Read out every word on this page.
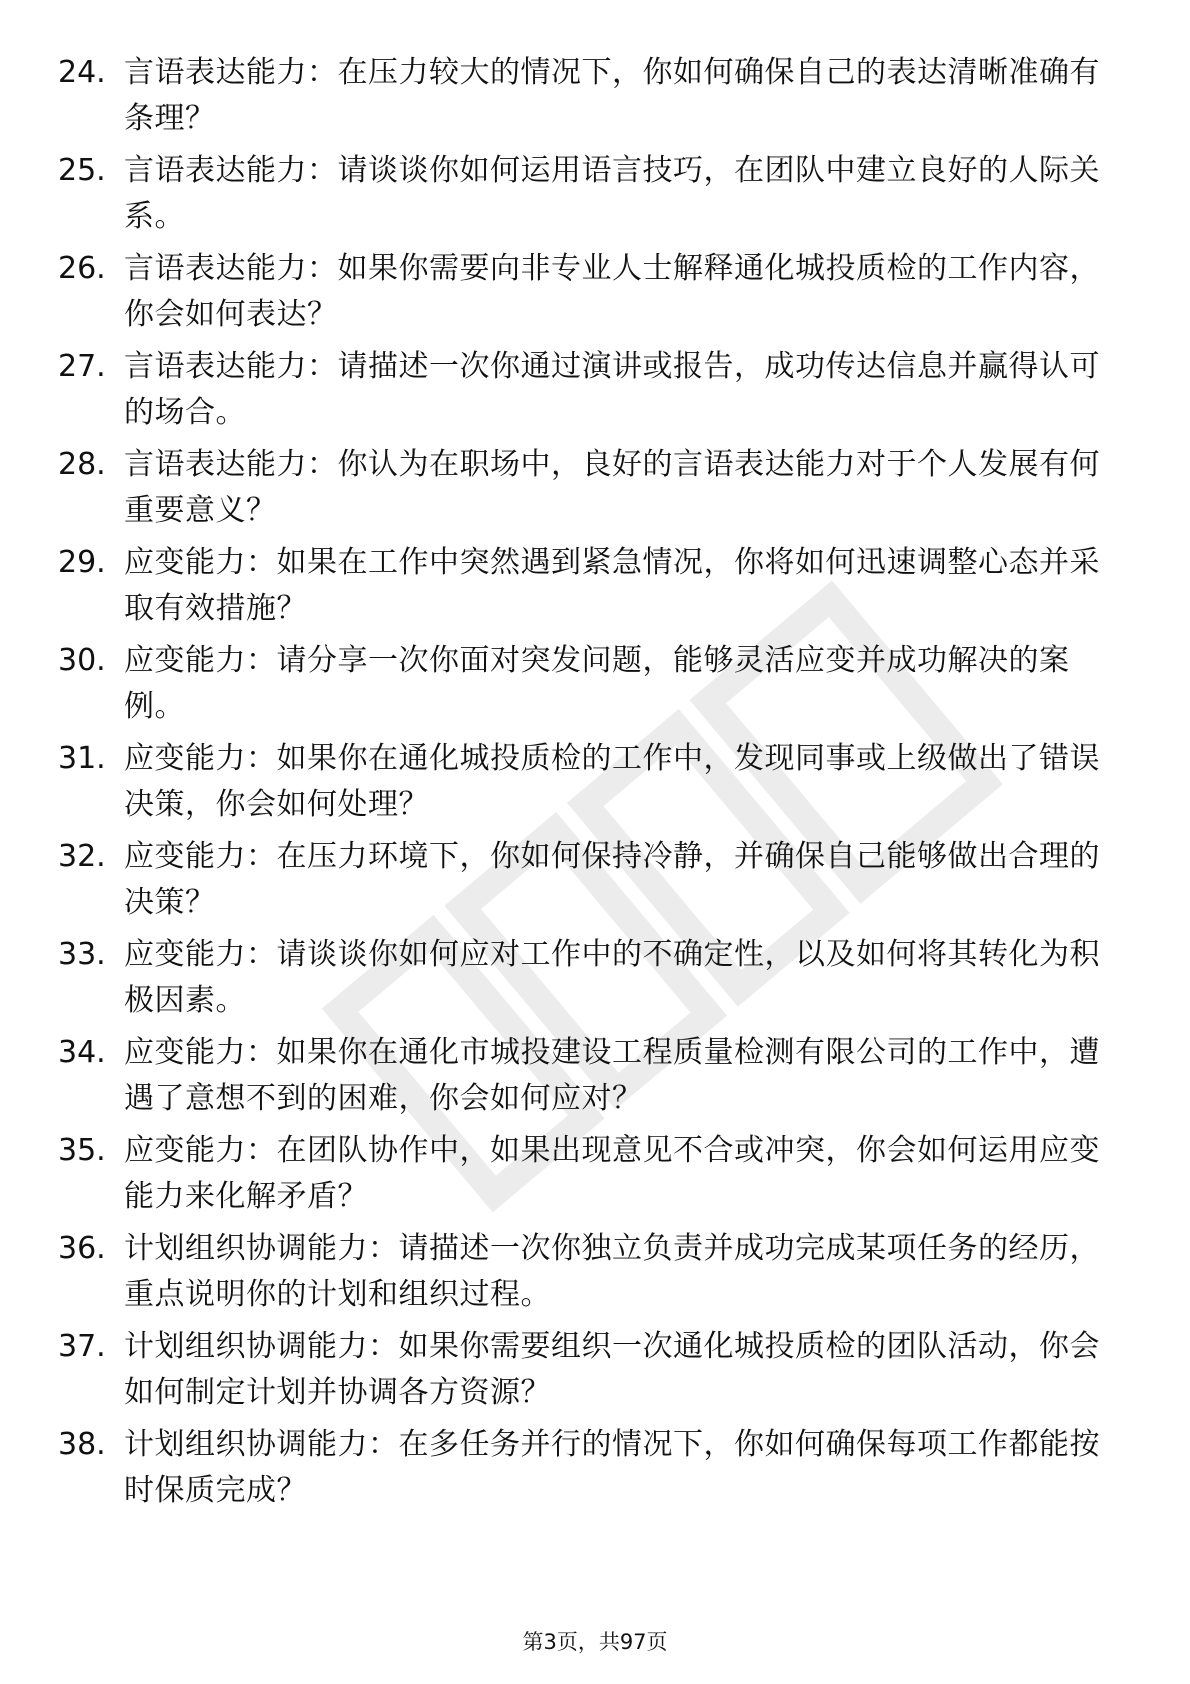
24. 言语表达能力：在压力较大的情况下，你如何确保自己的表达清晰准确有条理？
25. 言语表达能力：请谈谈你如何运用语言技巧，在团队中建立良好的人际关系。
26. 言语表达能力：如果你需要向非专业人士解释通化城投质检的工作内容，你会如何表达？
27. 言语表达能力：请描述一次你通过演讲或报告，成功传达信息并赢得认可的场合。
28. 言语表达能力：你认为在职场中，良好的言语表达能力对于个人发展有何重要意义？
29. 应变能力：如果在工作中突然遇到紧急情况，你将如何迅速调整心态并采取有效措施？
30. 应变能力：请分享一次你面对突发问题，能够灵活应变并成功解决的案例。
31. 应变能力：如果你在通化城投质检的工作中，发现同事或上级做出了错误决策，你会如何处理？
32. 应变能力：在压力环境下，你如何保持冷静，并确保自己能够做出合理的决策？
33. 应变能力：请谈谈你如何应对工作中的不确定性，以及如何将其转化为积极因素。
34. 应变能力：如果你在通化市城投建设工程质量检测有限公司的工作中，遭遇了意想不到的困难，你会如何应对？
35. 应变能力：在团队协作中，如果出现意见不合或冲突，你会如何运用应变能力来化解矛盾？
36. 计划组织协调能力：请描述一次你独立负责并成功完成某项任务的经历，重点说明你的计划和组织过程。
37. 计划组织协调能力：如果你需要组织一次通化城投质检的团队活动，你会如何制定计划并协调各方资源？
38. 计划组织协调能力：在多任务并行的情况下，你如何确保每项工作都能按时保质完成？
第3页，共97页
